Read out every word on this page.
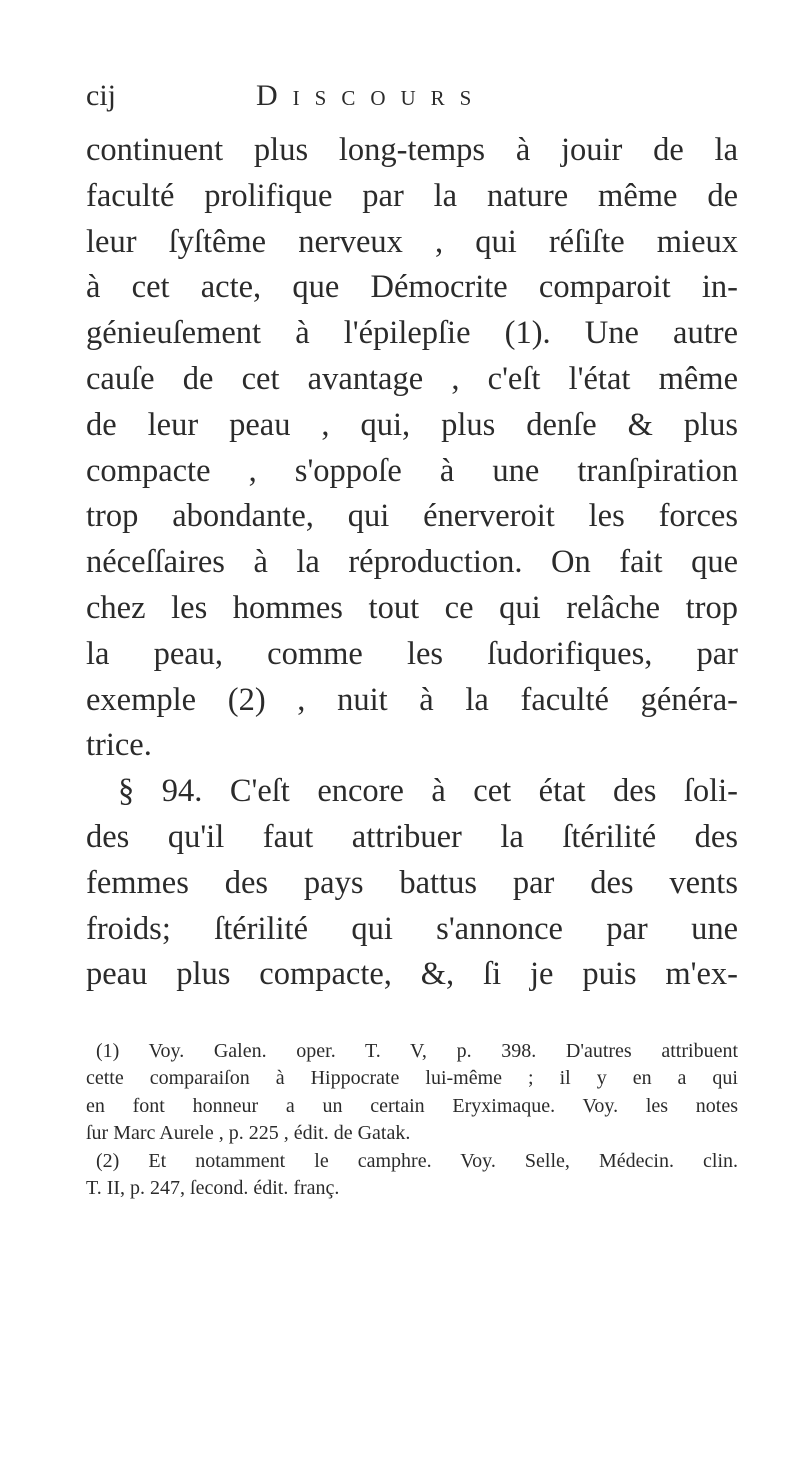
cij	Discours
continuent plus long-temps à jouir de la
faculté prolifique par la nature même de
leur ſyſtême nerveux , qui réſiſte mieux
à cet acte, que Démocrite comparoit in-
génieuſement à l'épilepſie (1). Une autre
cauſe de cet avantage , c'eſt l'état même
de leur peau , qui, plus denſe & plus
compacte , s'oppoſe à une tranſpiration
trop abondante, qui énerveroit les forces
néceſſaires à la réproduction. On fait que
chez les hommes tout ce qui relâche trop
la peau, comme les ſudorifiques, par
exemple (2) , nuit à la faculté généra-
trice.
§ 94. C'eſt encore à cet état des ſoli-
des qu'il faut attribuer la ſtérilité des
femmes des pays battus par des vents
froids; ſtérilité qui s'annonce par une
peau plus compacte, &, ſi je puis m'ex-
(1) Voy. Galen. oper. T. V, p. 398. D'autres attribuent
cette comparaiſon à Hippocrate lui-même ; il y en a qui
en font honneur a un certain Eryximaque. Voy. les notes
ſur Marc Aurele , p. 225 , édit. de Gatak.
(2) Et notamment le camphre. Voy. Selle, Médecin. clin.
T. II, p. 247, ſecond. édit. franç.
